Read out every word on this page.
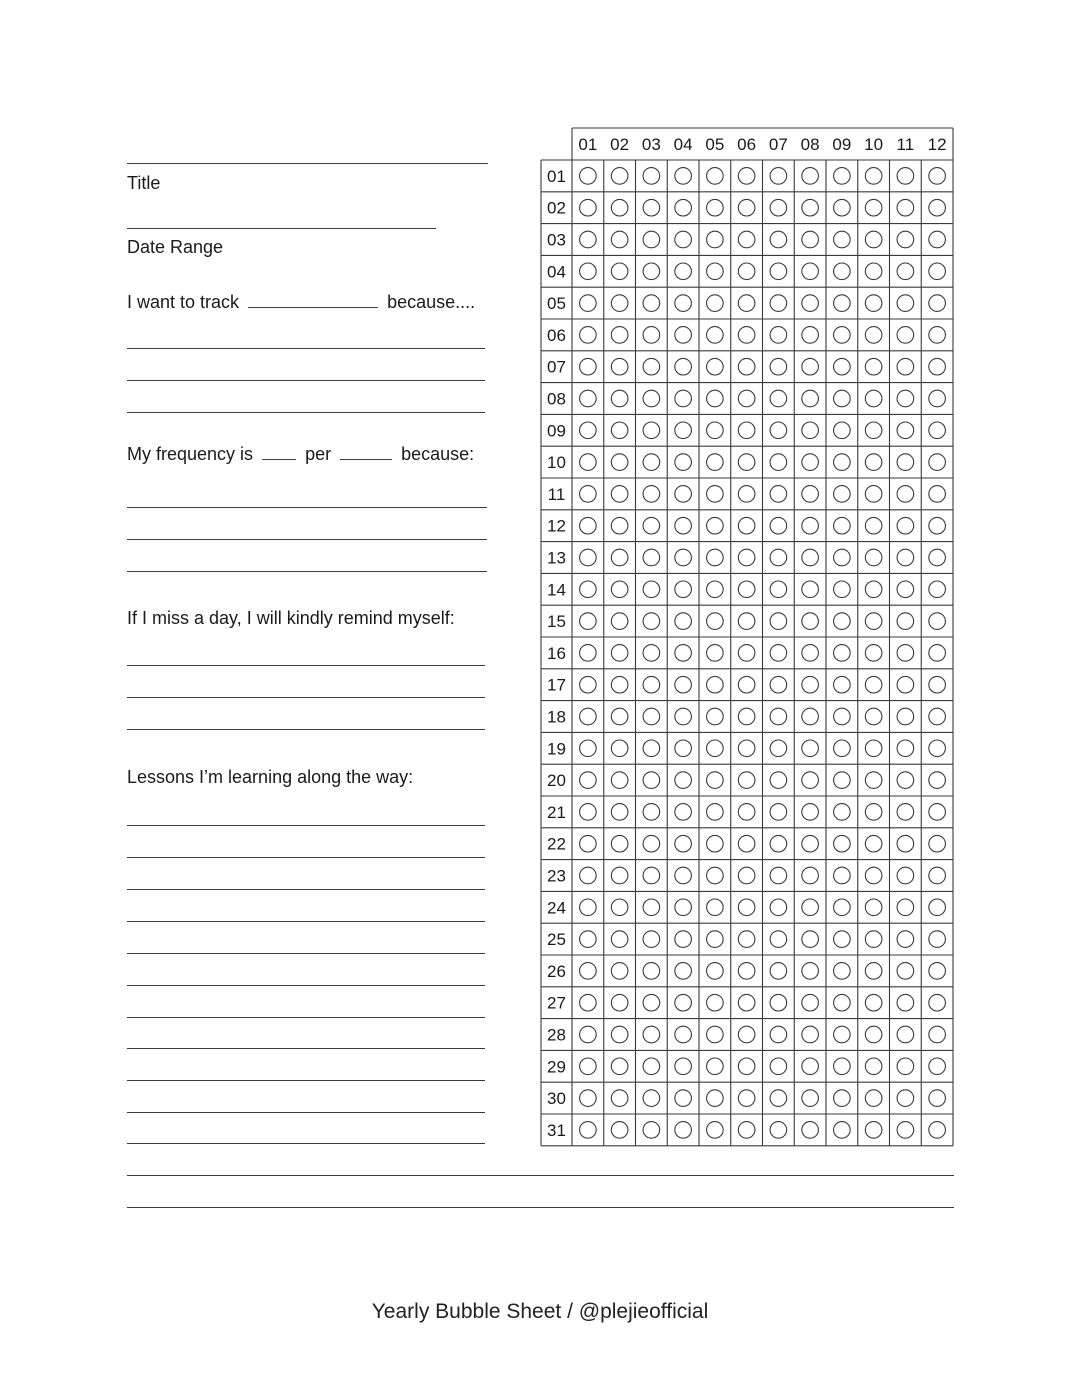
Title
Date Range
I want to track	because....
My frequency is	per	because:
If I miss a day, I will kindly remind myself:
Lessons I’m learning along the way:
01 02 03 04 05 06 07 08 09 10 11 12
01
02
03
04
05
06
07
08
09
10
11
12
13
14
15
16
17
18
19
20
21
22
23
24
25
26
27
28
29
30
31
Yearly Bubble Sheet / @plejieofficial
